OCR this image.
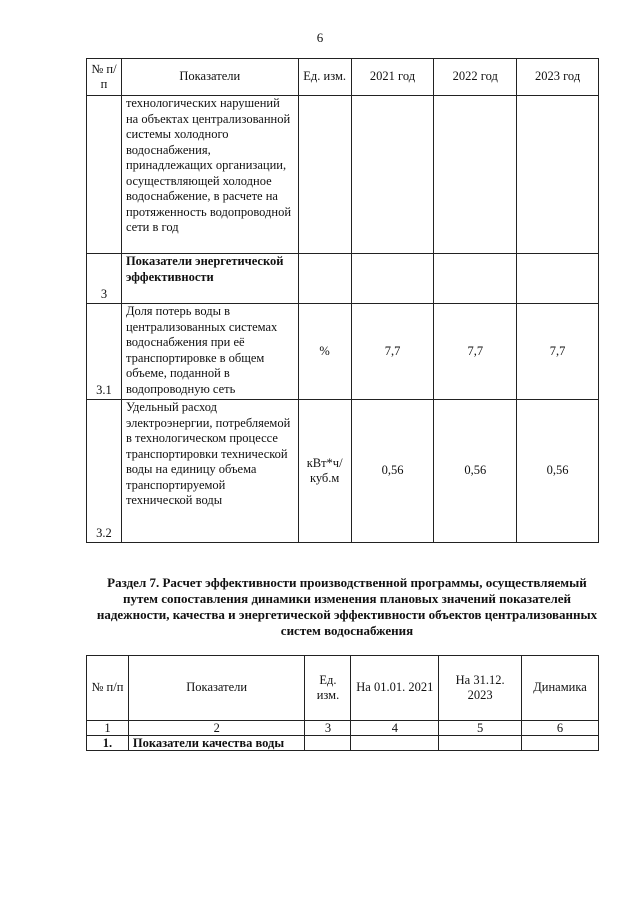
6
№ п/п	Показатели	Ед. изм.	2021 год	2022 год	2023 год
	технологических нарушений на объектах централизованной системы холодного водоснабжения, принадлежащих организации, осуществляющей холодное водоснабжение, в расчете на протяженность водопроводной сети в год				
3	Показатели энергетической эффективности				
3.1	Доля потерь воды в централизованных системах водоснабжения при её транспортировке в общем объеме, поданной в водопроводную сеть	%	7,7	7,7	7,7
3.2	Удельный расход электроэнергии, потребляемой в технологическом процессе транспортировки технической воды на единицу объема транспортируемой технической воды	кВт*ч/ куб.м	0,56	0,56	0,56
Раздел 7. Расчет эффективности производственной программы, осуществляемый путем сопоставления динамики изменения плановых значений показателей надежности, качества и энергетической эффективности объектов централизованных систем водоснабжения
№ п/п	Показатели	Ед. изм.	На 01.01. 2021	На 31.12. 2023	Динамика
1	2	3	4	5	6
1.	Показатели качества воды				
